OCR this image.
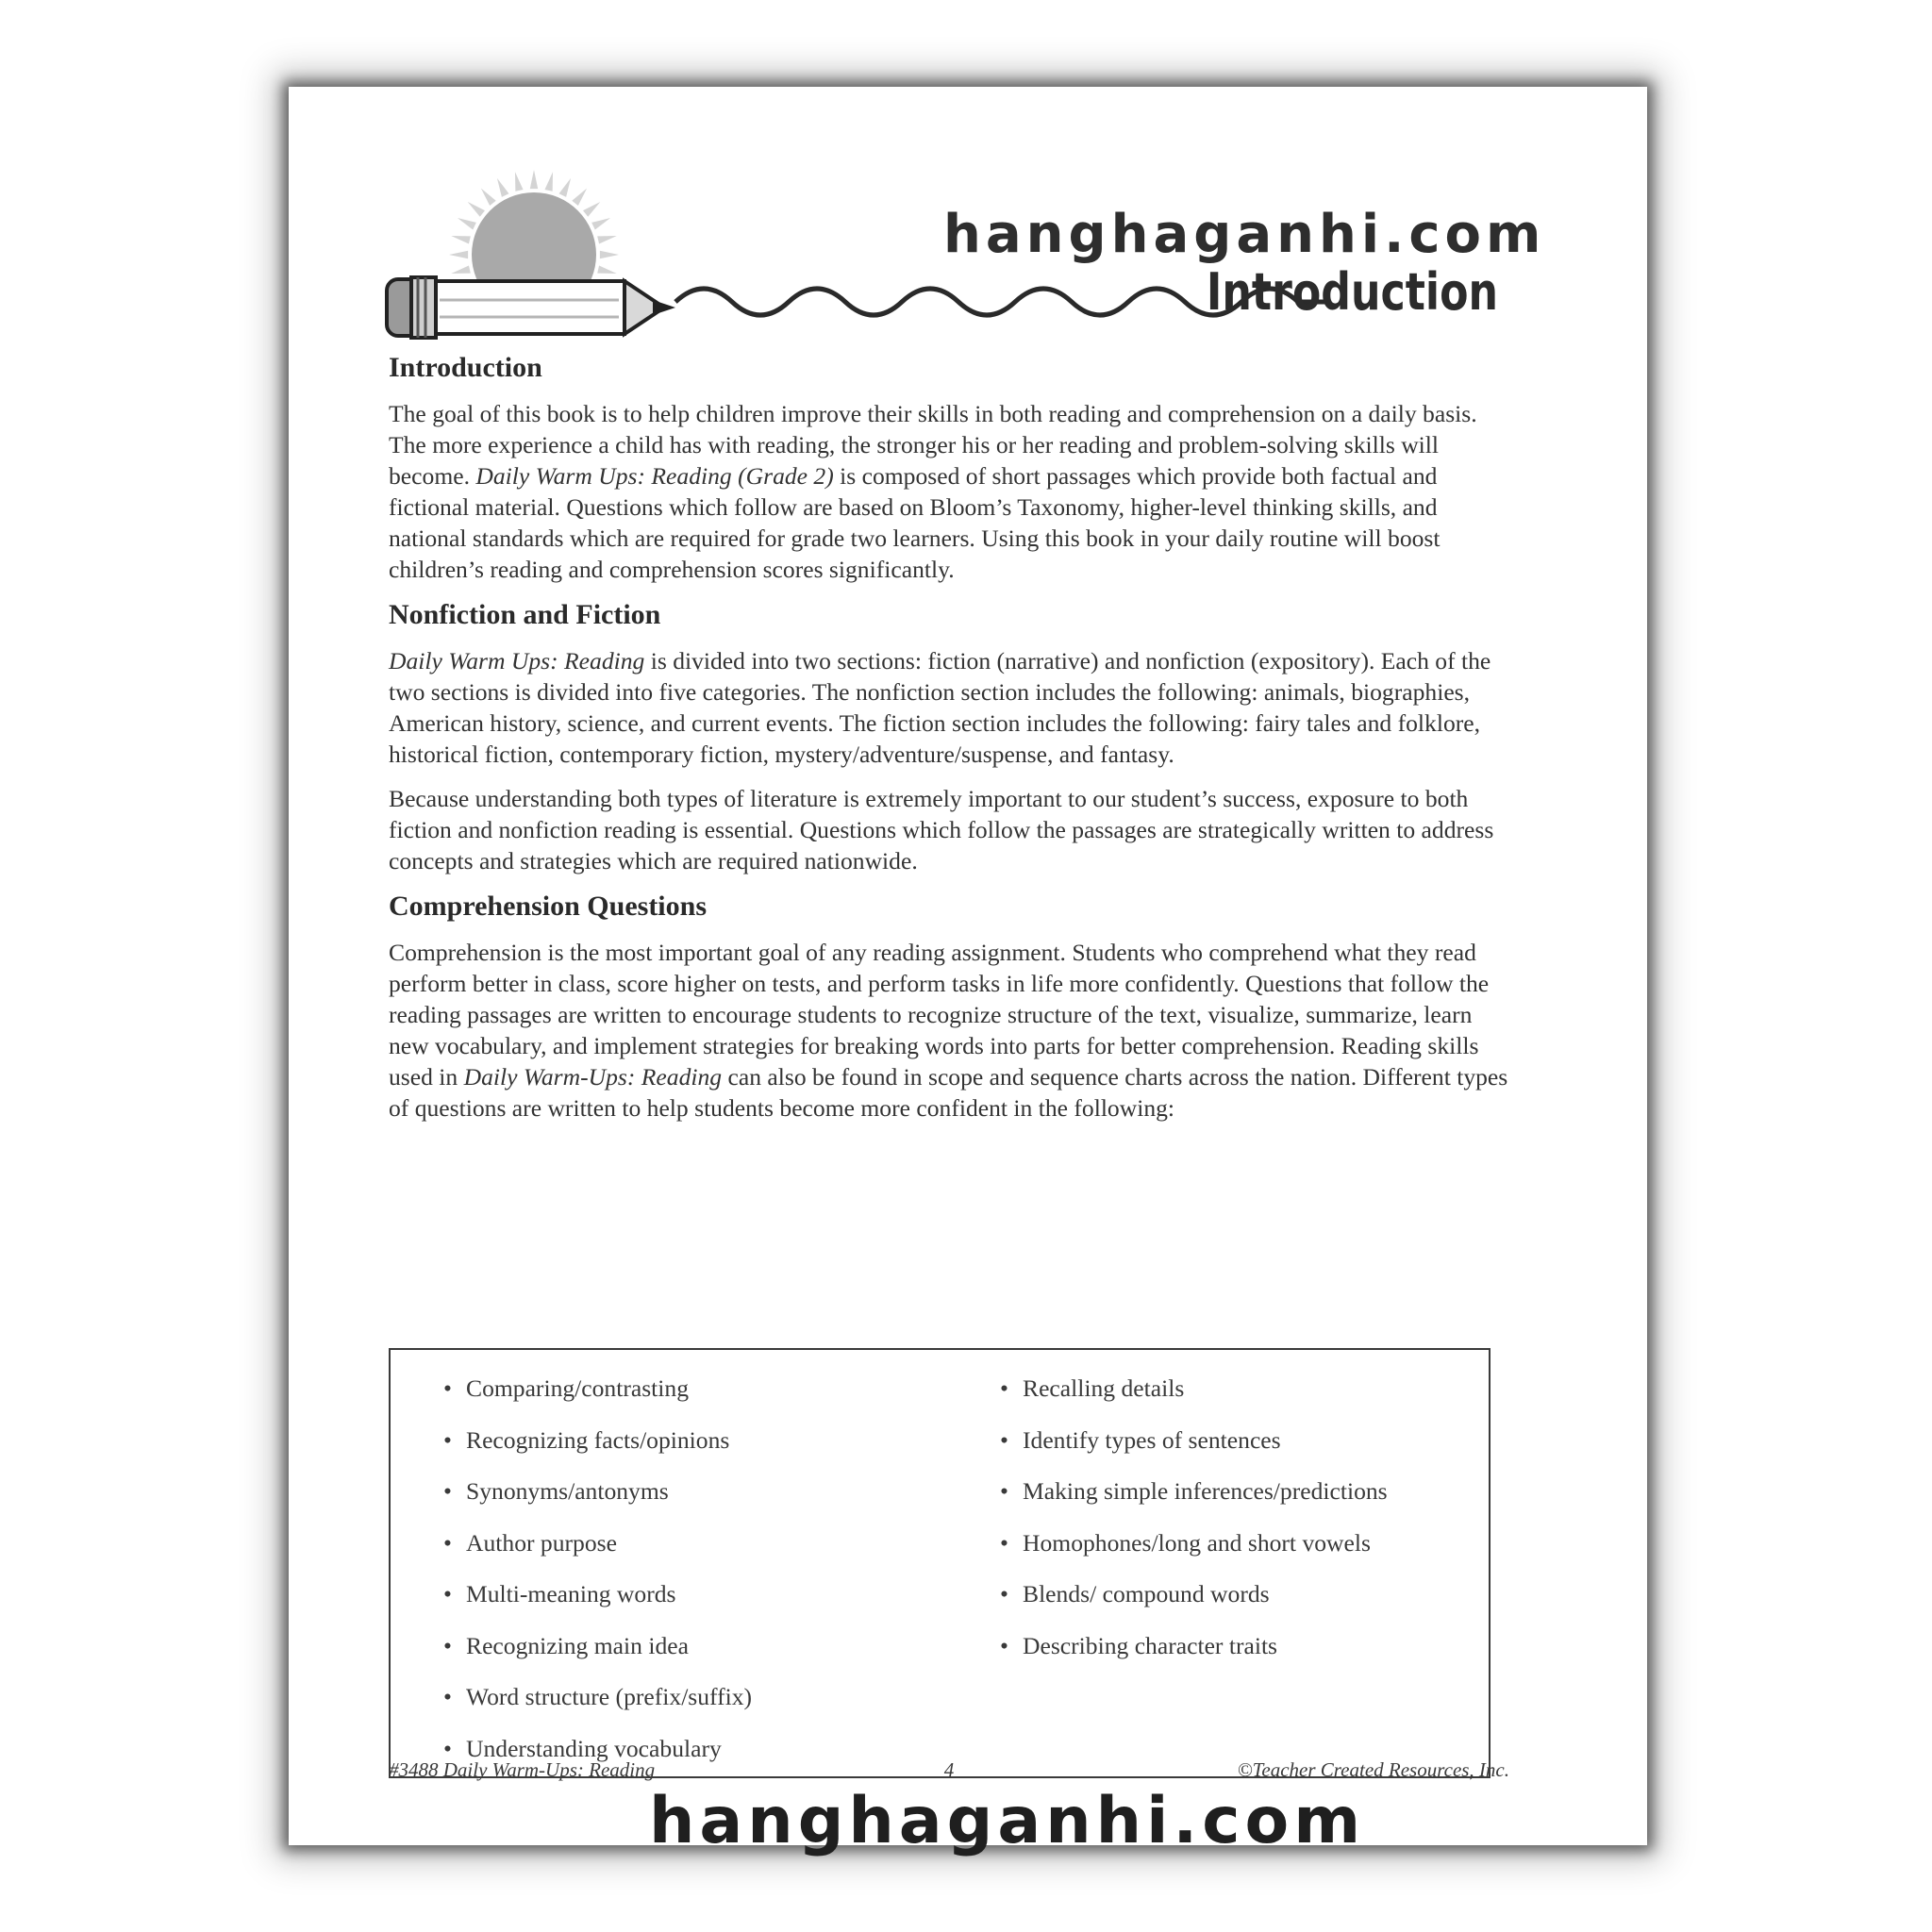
hanghaganhi.com

Introduction
Introduction

The goal of this book is to help children improve their skills in both reading and comprehension on a daily basis. The more experience a child has with reading, the stronger his or her reading and problem-solving skills will become. Daily Warm Ups: Reading (Grade 2) is composed of short passages which provide both factual and fictional material. Questions which follow are based on Bloom’s Taxonomy, higher-level thinking skills, and national standards which are required for grade two learners. Using this book in your daily routine will boost children’s reading and comprehension scores significantly.

Nonfiction and Fiction

Daily Warm Ups: Reading is divided into two sections: fiction (narrative) and nonfiction (expository). Each of the two sections is divided into five categories. The nonfiction section includes the following: animals, biographies, American history, science, and current events. The fiction section includes the following: fairy tales and folklore, historical fiction, contemporary fiction, mystery/adventure/suspense, and fantasy.

Because understanding both types of literature is extremely important to our student’s success, exposure to both fiction and nonfiction reading is essential. Questions which follow the passages are strategically written to address concepts and strategies which are required nationwide.

Comprehension Questions

Comprehension is the most important goal of any reading assignment. Students who comprehend what they read perform better in class, score higher on tests, and perform tasks in life more confidently. Questions that follow the reading passages are written to encourage students to recognize structure of the text, visualize, summarize, learn new vocabulary, and implement strategies for breaking words into parts for better comprehension. Reading skills used in Daily Warm-Ups: Reading can also be found in scope and sequence charts across the nation. Different types of questions are written to help students become more confident in the following:

• Comparing/contrasting
• Recognizing facts/opinions
• Synonyms/antonyms
• Author purpose
• Multi-meaning words
• Recognizing main idea
• Word structure (prefix/suffix)
• Understanding vocabulary
• Recalling details
• Identify types of sentences
• Making simple inferences/predictions
• Homophones/long and short vowels
• Blends/ compound words
• Describing character traits
#3488 Daily Warm-Ups: Reading	4	©Teacher Created Resources, Inc.

hanghaganhi.com
